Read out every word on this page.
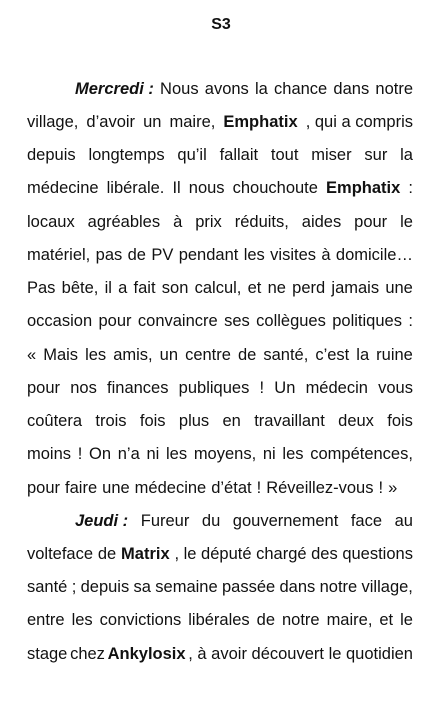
S3
Mercredi : Nous avons la chance dans notre
village, d’avoir un maire, Emphatix , qui a compris
depuis longtemps qu’il fallait tout miser sur la
médecine libérale. Il nous chouchoute Emphatix :
locaux agréables à prix réduits, aides pour le
matériel, pas de PV pendant les visites à domicile…
Pas bête, il a fait son calcul, et ne perd jamais une
occasion pour convaincre ses collègues politiques :
« Mais les amis, un centre de santé, c’est la ruine
pour nos finances publiques ! Un médecin vous
coûtera trois fois plus en travaillant deux fois
moins ! On n’a ni les moyens, ni les compétences,
pour faire une médecine d’état ! Réveillez-vous ! »
Jeudi : Fureur du gouvernement face au
volteface de Matrix , le député chargé des questions
santé ; depuis sa semaine passée dans notre village,
entre les convictions libérales de notre maire, et le
stage chez Ankylosix , à avoir découvert le quotidien
